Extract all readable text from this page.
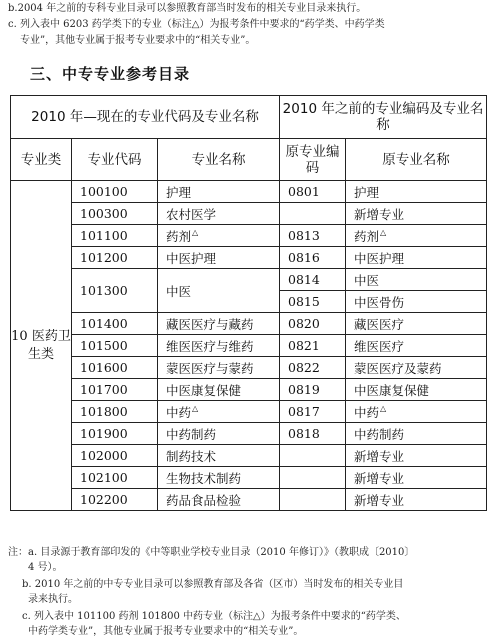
b.2004 年之前的专科专业目录可以参照教育部当时发布的相关专业目录来执行。
c. 列入表中 6203 药学类下的专业（标注△）为报考条件中要求的“药学类、中药学类
专业”，其他专业属于报考专业要求中的“相关专业”。
三、中专专业参考目录
2010 年—现在的专业代码及专业名称			2010 年之前的专业编码及专业名称	
专业类	专业代码	专业名称	原专业编码	原专业名称
10 医药卫生类	100100	护理	0801	护理
	100300	农村医学		新增专业
	101100	药剂△	0813	药剂△
	101200	中医护理	0816	中医护理
	101300	中医	0814	中医
			0815	中医骨伤
	101400	藏医医疗与藏药	0820	藏医医疗
	101500	维医医疗与维药	0821	维医医疗
	101600	蒙医医疗与蒙药	0822	蒙医医疗及蒙药
	101700	中医康复保健	0819	中医康复保健
	101800	中药△	0817	中药△
	101900	中药制药	0818	中药制药
	102000	制药技术		新增专业
	102100	生物技术制药		新增专业
	102200	药品食品检验		新增专业
注：a. 目录源于教育部印发的《中等职业学校专业目录（2010 年修订）》（教职成〔2010〕
4 号）。
b. 2010 年之前的中专专业目录可以参照教育部及各省（区市）当时发布的相关专业目
录来执行。
c. 列入表中 101100 药剂 101800 中药专业（标注△）为报考条件中要求的“药学类、
中药学类专业”，其他专业属于报考专业要求中的“相关专业”。
